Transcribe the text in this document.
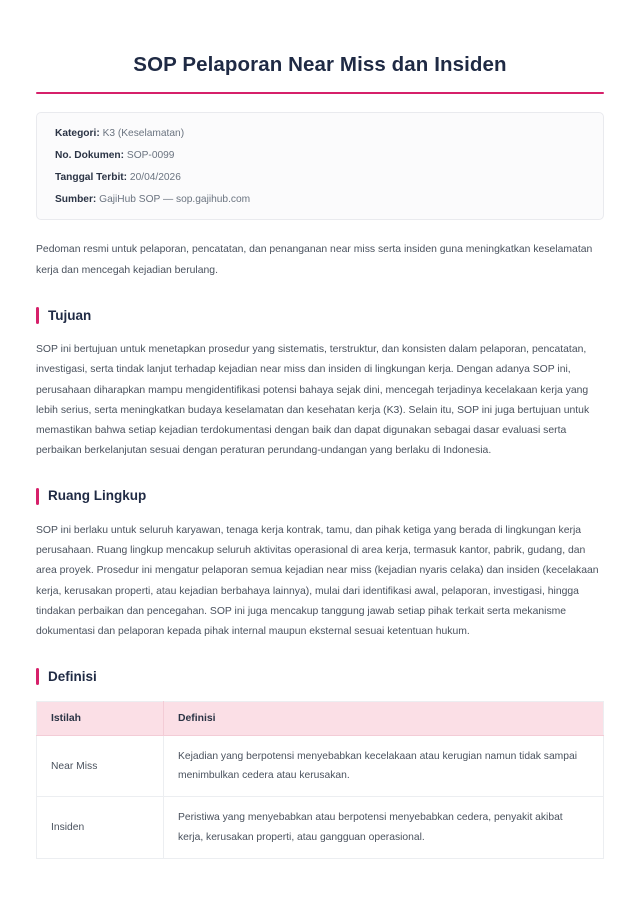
SOP Pelaporan Near Miss dan Insiden
Kategori: K3 (Keselamatan)
No. Dokumen: SOP-0099
Tanggal Terbit: 20/04/2026
Sumber: GajiHub SOP — sop.gajihub.com

Pedoman resmi untuk pelaporan, pencatatan, dan penanganan near miss serta insiden guna meningkatkan keselamatan kerja dan mencegah kejadian berulang.

Tujuan

SOP ini bertujuan untuk menetapkan prosedur yang sistematis, terstruktur, dan konsisten dalam pelaporan, pencatatan, investigasi, serta tindak lanjut terhadap kejadian near miss dan insiden di lingkungan kerja. Dengan adanya SOP ini, perusahaan diharapkan mampu mengidentifikasi potensi bahaya sejak dini, mencegah terjadinya kecelakaan kerja yang lebih serius, serta meningkatkan budaya keselamatan dan kesehatan kerja (K3). Selain itu, SOP ini juga bertujuan untuk memastikan bahwa setiap kejadian terdokumentasi dengan baik dan dapat digunakan sebagai dasar evaluasi serta perbaikan berkelanjutan sesuai dengan peraturan perundang-undangan yang berlaku di Indonesia.

Ruang Lingkup

SOP ini berlaku untuk seluruh karyawan, tenaga kerja kontrak, tamu, dan pihak ketiga yang berada di lingkungan kerja perusahaan. Ruang lingkup mencakup seluruh aktivitas operasional di area kerja, termasuk kantor, pabrik, gudang, dan area proyek. Prosedur ini mengatur pelaporan semua kejadian near miss (kejadian nyaris celaka) dan insiden (kecelakaan kerja, kerusakan properti, atau kejadian berbahaya lainnya), mulai dari identifikasi awal, pelaporan, investigasi, hingga tindakan perbaikan dan pencegahan. SOP ini juga mencakup tanggung jawab setiap pihak terkait serta mekanisme dokumentasi dan pelaporan kepada pihak internal maupun eksternal sesuai ketentuan hukum.

Definisi
Istilah	Definisi
Near Miss	Kejadian yang berpotensi menyebabkan kecelakaan atau kerugian namun tidak sampai menimbulkan cedera atau kerusakan.
Insiden	Peristiwa yang menyebabkan atau berpotensi menyebabkan cedera, penyakit akibat kerja, kerusakan properti, atau gangguan operasional.
